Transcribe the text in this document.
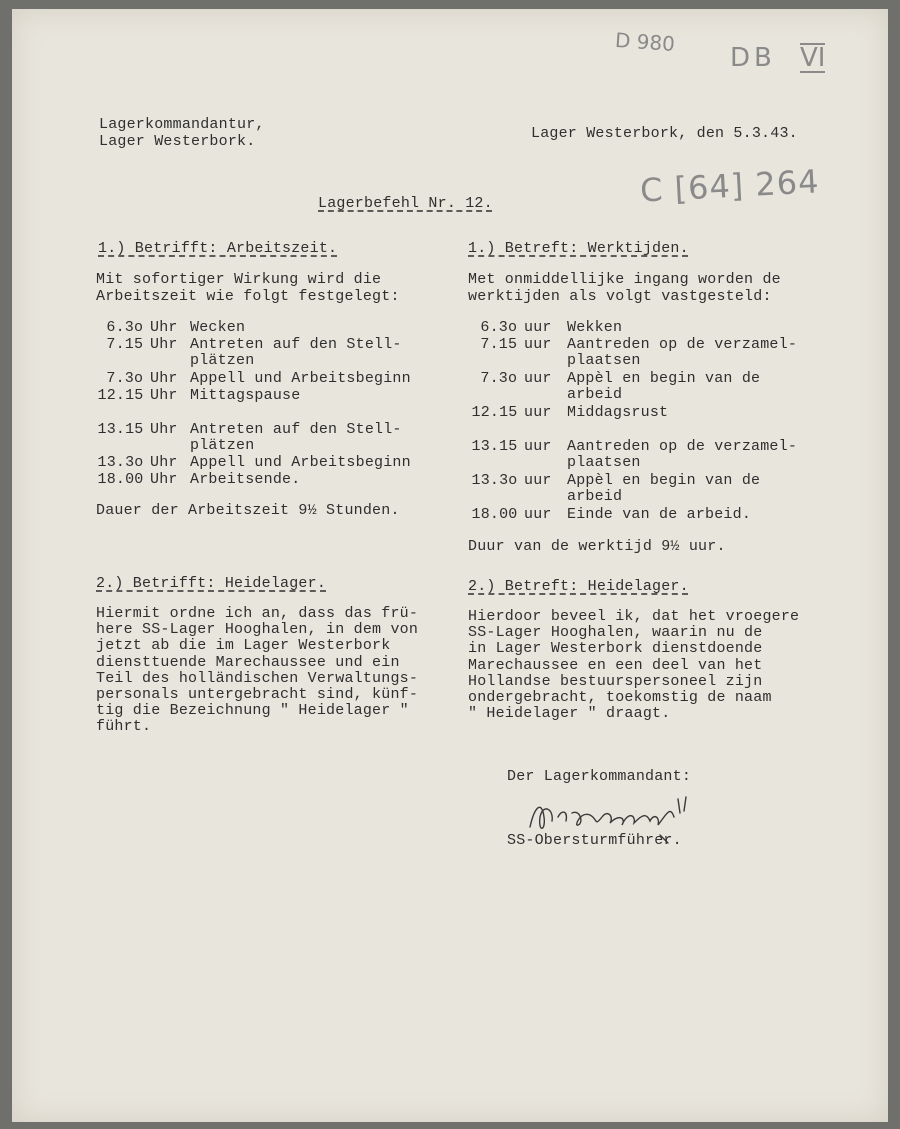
D 980
DB VI
C [64] 264
Lagerkommandantur,
Lager Westerbork.	Lager Westerbork, den 5.3.43.
Lagerbefehl Nr. 12.
1.) Betrifft: Arbeitszeit.
Mit sofortiger Wirkung wird die
Arbeitszeit wie folgt festgelegt:
6.3o Uhr Wecken
7.15 Uhr Antreten auf den Stell-
plätzen
7.3o Uhr Appell und Arbeitsbeginn
12.15 Uhr Mittagspause
13.15 Uhr Antreten auf den Stell-
plätzen
13.3o Uhr Appell und Arbeitsbeginn
18.00 Uhr Arbeitsende.
Dauer der Arbeitszeit 9½ Stunden.
2.) Betrifft: Heidelager.
Hiermit ordne ich an, dass das frü-
here SS-Lager Hooghalen, in dem von
jetzt ab die im Lager Westerbork
diensttuende Marechaussee und ein
Teil des holländischen Verwaltungs-
personals untergebracht sind, künf-
tig die Bezeichnung " Heidelager "
führt.
1.) Betreft: Werktijden.
Met onmiddellijke ingang worden de
werktijden als volgt vastgesteld:
6.3o uur Wekken
7.15 uur Aantreden op de verzamel-
plaatsen
7.3o uur Appèl en begin van de
arbeid
12.15 uur Middagsrust
13.15 uur Aantreden op de verzamel-
plaatsen
13.3o uur Appèl en begin van de
arbeid
18.00 uur Einde van de arbeid.
Duur van de werktijd 9½ uur.
2.) Betreft: Heidelager.
Hierdoor beveel ik, dat het vroegere
SS-Lager Hooghalen, waarin nu de
in Lager Westerbork dienstdoende
Marechaussee en een deel van het
Hollandse bestuurspersoneel zijn
ondergebracht, toekomstig de naam
" Heidelager " draagt.
Der Lagerkommandant:
SS-Obersturmführer.
